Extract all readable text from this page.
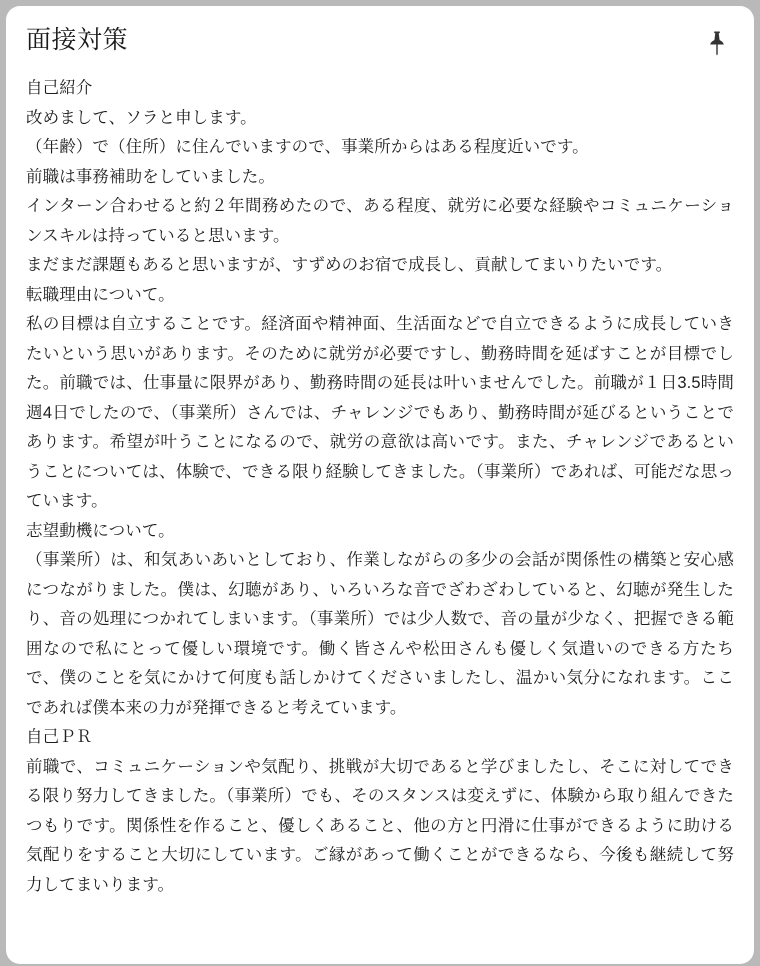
面接対策

自己紹介

改めまして、ソラと申します。

（年齢）で（住所）に住んでいますので、事業所からはある程度近いです。

前職は事務補助をしていました。

インターン合わせると約２年間務めたので、ある程度、就労に必要な経験やコミュニケーションスキルは持っていると思います。

まだまだ課題もあると思いますが、すずめのお宿で成長し、貢献してまいりたいです。

転職理由について。

私の目標は自立することです。経済面や精神面、生活面などで自立できるように成長していきたいという思いがあります。そのために就労が必要ですし、勤務時間を延ばすことが目標でした。前職では、仕事量に限界があり、勤務時間の延長は叶いませんでした。前職が１日3.5時間週4日でしたので、（事業所）さんでは、チャレンジでもあり、勤務時間が延びるということであります。希望が叶うことになるので、就労の意欲は高いです。また、チャレンジであるということについては、体験で、できる限り経験してきました。（事業所）であれば、可能だな思っています。

志望動機について。

（事業所）は、和気あいあいとしており、作業しながらの多少の会話が関係性の構築と安心感につながりました。僕は、幻聴があり、いろいろな音でざわざわしていると、幻聴が発生したり、音の処理につかれてしまいます。（事業所）では少人数で、音の量が少なく、把握できる範囲なので私にとって優しい環境です。働く皆さんや松田さんも優しく気遣いのできる方たちで、僕のことを気にかけて何度も話しかけてくださいましたし、温かい気分になれます。ここであれば僕本来の力が発揮できると考えています。

自己ＰＲ

前職で、コミュニケーションや気配り、挑戦が大切であると学びましたし、そこに対してできる限り努力してきました。（事業所）でも、そのスタンスは変えずに、体験から取り組んできたつもりです。関係性を作ること、優しくあること、他の方と円滑に仕事ができるように助ける気配りをすること大切にしています。ご縁があって働くことができるなら、今後も継続して努力してまいります。
